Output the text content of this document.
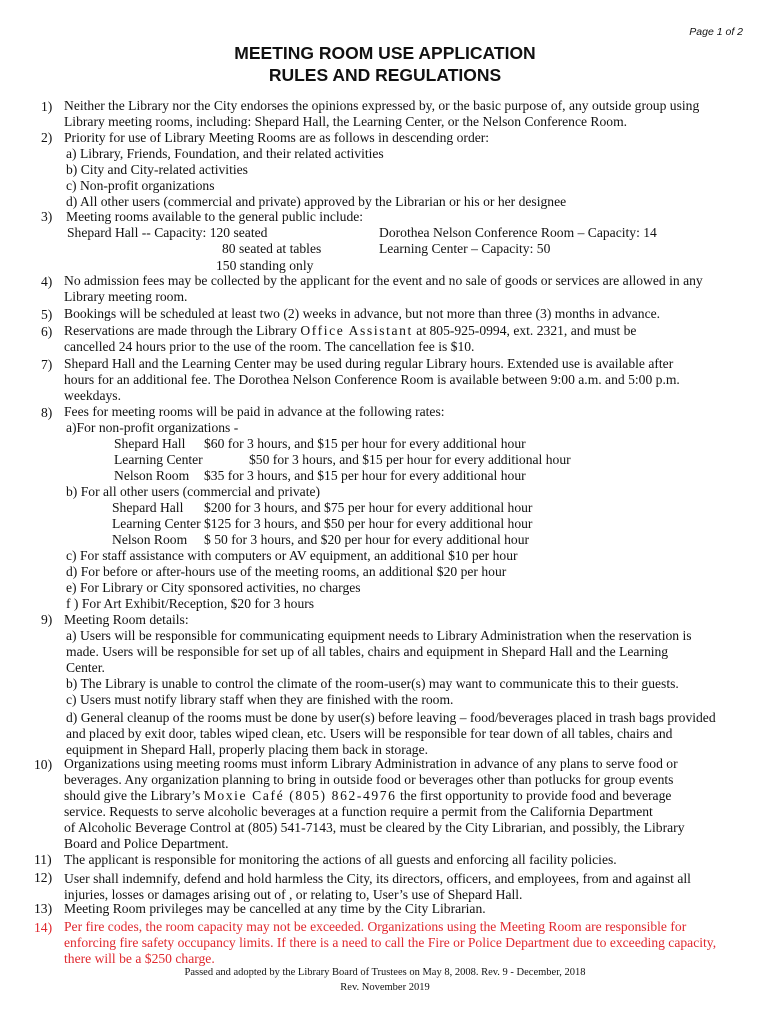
Page 1 of 2
MEETING ROOM USE APPLICATION
RULES AND REGULATIONS
1) Neither the Library nor the City endorses the opinions expressed by, or the basic purpose of, any outside group using
Library meeting rooms, including: Shepard Hall, the Learning Center, or the Nelson Conference Room.
2) Priority for use of Library Meeting Rooms are as follows in descending order:
a) Library, Friends, Foundation, and their related activities
b) City and City-related activities
c) Non-profit organizations
d) All other users (commercial and private) approved by the Librarian or his or her designee
3) Meeting rooms available to the general public include:
Shepard Hall -- Capacity: 120 seated
80 seated at tables
150 standing only
Dorothea Nelson Conference Room – Capacity: 14
Learning Center – Capacity: 50
4) No admission fees may be collected by the applicant for the event and no sale of goods or services are allowed in any
Library meeting room.
5) Bookings will be scheduled at least two (2) weeks in advance, but not more than three (3) months in advance.
6) Reservations are made through the Library Office Assistant at 805-925-0994, ext. 2321, and must be
cancelled 24 hours prior to the use of the room. The cancellation fee is $10.
7) Shepard Hall and the Learning Center may be used during regular Library hours. Extended use is available after
hours for an additional fee. The Dorothea Nelson Conference Room is available between 9:00 a.m. and 5:00 p.m.
weekdays.
8) Fees for meeting rooms will be paid in advance at the following rates:
a)For non-profit organizations -
Shepard Hall $60 for 3 hours, and $15 per hour for every additional hour
Learning Center	$50 for 3 hours, and $15 per hour for every additional hour
Nelson Room $35 for 3 hours, and $15 per hour for every additional hour
b) For all other users (commercial and private)
Shepard Hall $200 for 3 hours, and $75 per hour for every additional hour
Learning Center $125 for 3 hours, and $50 per hour for every additional hour
Nelson Room $ 50 for 3 hours, and $20 per hour for every additional hour
c) For staff assistance with computers or AV equipment, an additional $10 per hour
d) For before or after-hours use of the meeting rooms, an additional $20 per hour
e) For Library or City sponsored activities, no charges
f ) For Art Exhibit/Reception, $20 for 3 hours
9) Meeting Room details:
a) Users will be responsible for communicating equipment needs to Library Administration when the reservation is
made. Users will be responsible for set up of all tables, chairs and equipment in Shepard Hall and the Learning
Center.
b) The Library is unable to control the climate of the room-user(s) may want to communicate this to their guests.
c) Users must notify library staff when they are finished with the room.
d) General cleanup of the rooms must be done by user(s) before leaving – food/beverages placed in trash bags provided
and placed by exit door, tables wiped clean, etc. Users will be responsible for tear down of all tables, chairs and
equipment in Shepard Hall, properly placing them back in storage.
10) Organizations using meeting rooms must inform Library Administration in advance of any plans to serve food or
beverages. Any organization planning to bring in outside food or beverages other than potlucks for group events
should give the Library’s Moxie Café (805) 862-4976 the first opportunity to provide food and beverage
service. Requests to serve alcoholic beverages at a function require a permit from the California Department
of Alcoholic Beverage Control at (805) 541-7143, must be cleared by the City Librarian, and possibly, the Library
Board and Police Department.
11) The applicant is responsible for monitoring the actions of all guests and enforcing all facility policies.
12) User shall indemnify, defend and hold harmless the City, its directors, officers, and employees, from and against all
injuries, losses or damages arising out of , or relating to, User’s use of Shepard Hall.
13) Meeting Room privileges may be cancelled at any time by the City Librarian.
14) Per fire codes, the room capacity may not be exceeded. Organizations using the Meeting Room are responsible for
enforcing fire safety occupancy limits. If there is a need to call the Fire or Police Department due to exceeding capacity,
there will be a $250 charge.
Passed and adopted by the Library Board of Trustees on May 8, 2008. Rev. 9 - December, 2018
Rev. November 2019
